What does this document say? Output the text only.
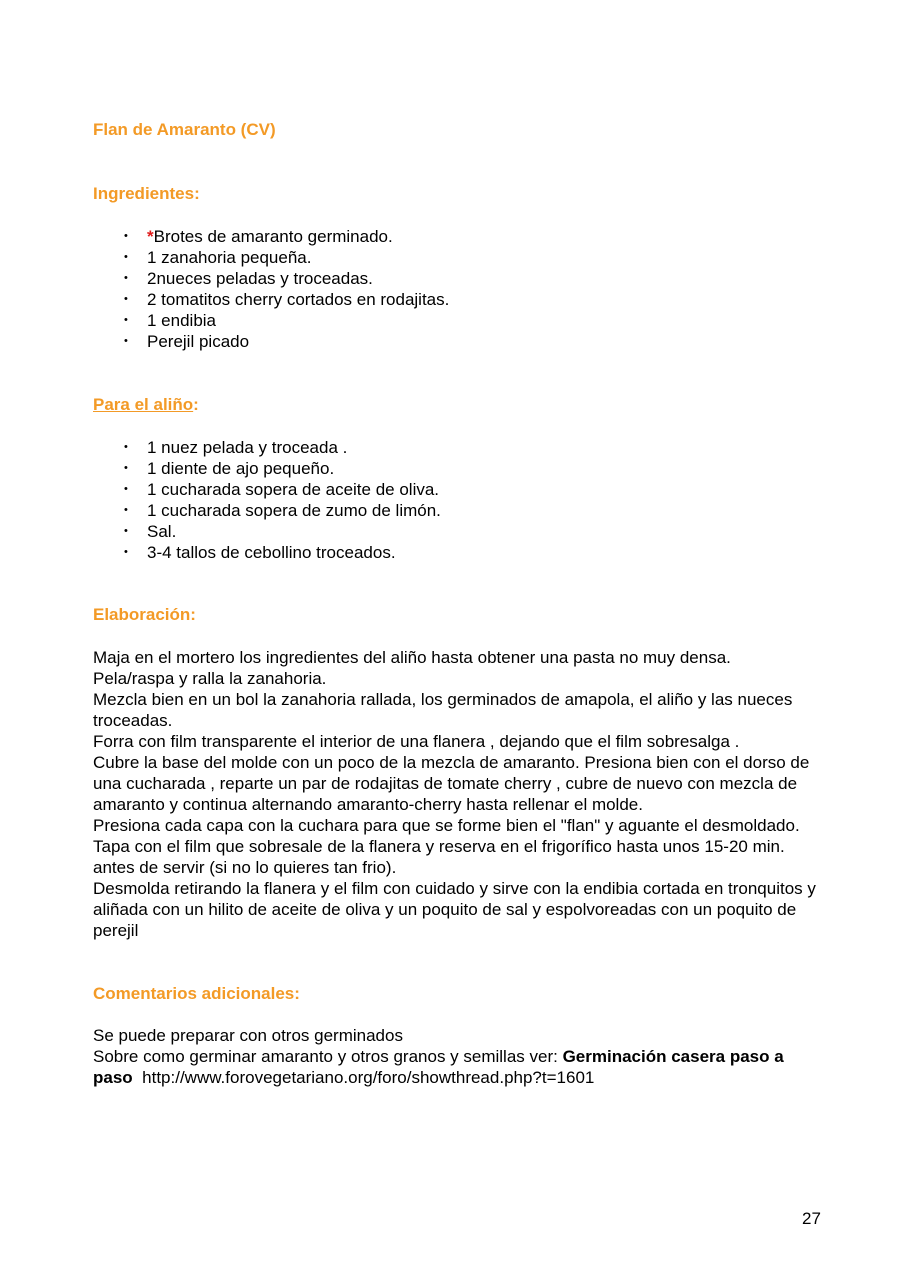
Flan de Amaranto (CV)
Ingredientes:
• *Brotes de amaranto germinado.
• 1 zanahoria pequeña.
• 2nueces peladas y troceadas.
• 2 tomatitos cherry cortados en rodajitas.
• 1 endibia
• Perejil picado
Para el aliño:
• 1 nuez pelada y troceada .
• 1 diente de ajo pequeño.
• 1 cucharada sopera de aceite de oliva.
• 1 cucharada sopera de zumo de limón.
• Sal.
• 3-4 tallos de cebollino troceados.
Elaboración:

Maja en el mortero los ingredientes del aliño hasta obtener una pasta no muy densa.

Pela/raspa y ralla la zanahoria.

Mezcla bien en un bol la zanahoria rallada, los germinados de amapola, el aliño y las nueces troceadas.

Forra con film transparente el interior de una flanera , dejando que el film sobresalga .

Cubre la base del molde con un poco de la mezcla de amaranto. Presiona bien con el dorso de una cucharada , reparte un par de rodajitas de tomate cherry , cubre de nuevo con mezcla de amaranto y continua alternando amaranto-cherry hasta rellenar el molde.

Presiona cada capa con la cuchara para que se forme bien el "flan" y aguante el desmoldado.

Tapa con el film que sobresale de la flanera y reserva en el frigorífico hasta unos 15-20 min. antes de servir (si no lo quieres tan frio).

Desmolda retirando la flanera y el film con cuidado y sirve con la endibia cortada en tronquitos y aliñada con un hilito de aceite de oliva y un poquito de sal y espolvoreadas con un poquito de perejil

Comentarios adicionales:

Se puede preparar con otros germinados

Sobre como germinar amaranto y otros granos y semillas ver: Germinación casera paso a paso http://www.forovegetariano.org/foro/showthread.php?t=1601

27
